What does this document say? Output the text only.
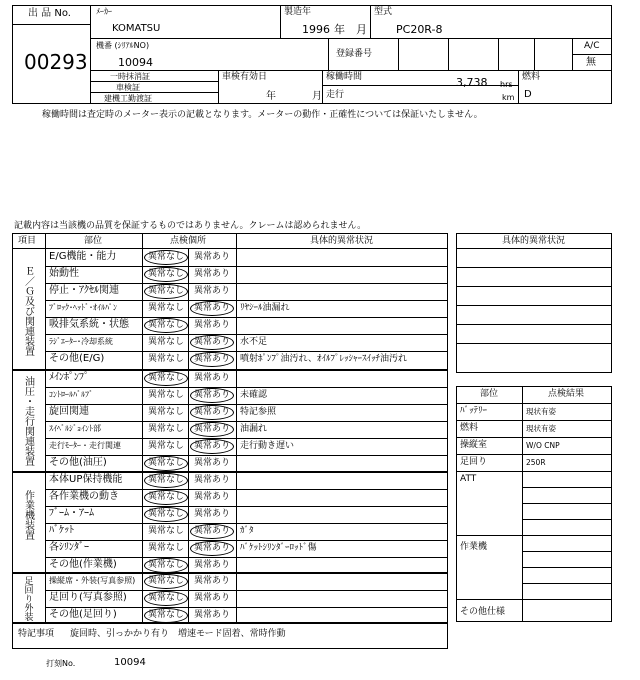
出 品 No.
00293
ﾒｰｶｰ
KOMATSU
製造年
1996 年 月
型式
PC20R-8
機番 (ｼﾘｱﾙNO)
10094
登録番号
A/C
無
一時抹消証
車検証
建機工勤渡証
車検有効日
年	月
稼働時間
走行
3,738 hrs
km
燃料
D
稼働時間は査定時のメーター表示の記載となります。メーターの動作・正確性については保証いたしません。
記載内容は当該機の品質を保証するものではありません。クレームは認められません。
項目	部位	点検個所	具体的異常状況
Ｅ／Ｇ及び関連装置
油圧・走行関連装置
作業機装置
足回り外装
E/G機能・能力	異常なし 異常あり
始動性	異常なし 異常あり
停止・ｱｸｾﾙ関連	異常なし 異常あり
ﾌﾞﾛｯｸ･ﾍｯﾄﾞ･ｵｲﾙﾊﾟﾝ	異常なし 異常あり ﾘﾔｼｰﾙ油漏れ
吸排気系統・状態 異常なし 異常あり
ﾗｼﾞｴｰﾀｰ･冷却系統	異常なし 異常あり 水不足
その他(E/G)	異常なし 異常あり 噴射ﾎﾟﾝﾌﾟ油汚れ、ｵｲﾙﾌﾟﾚｯｼｬｰｽｲｯﾁ油汚れ
ﾒｲﾝﾎﾟﾝﾌﾟ	異常なし 異常あり
ｺﾝﾄﾛｰﾙﾊﾞﾙﾌﾞ	異常なし 異常あり 未確認
旋回関連	異常なし 異常あり 特記参照
ｽｲﾍﾞﾙｼﾞｮｲﾝﾄ部	異常なし 異常あり 油漏れ
走行ﾓｰﾀｰ・走行関連	異常なし 異常あり 走行動き遅い
その他(油圧)	異常なし 異常あり
本体UP保持機能	異常なし 異常あり
各作業機の動き	異常なし 異常あり
ﾌﾞｰﾑ・ｱｰﾑ	異常なし 異常あり
ﾊﾞｹｯﾄ	異常なし 異常あり ｶﾞﾀ
各ｼﾘﾝﾀﾞｰ	異常なし 異常あり ﾊﾞｹｯﾄｼﾘﾝﾀﾞｰﾛｯﾄﾞ傷
その他(作業機)	異常なし 異常あり
操縦席・外装(写真参照) 異常なし 異常あり
足回り(写真参照) 異常なし 異常あり
その他(足回り)	異常なし 異常あり
具体的異常状況
部位	点検結果
ﾊﾞｯﾃﾘｰ	現状有姿
燃料	現状有姿
操縦室	W/O CNP
足回り	250R
ATT
作業機
その他仕様
特記事項 旋回時、引っかかり有り　増速モード固着、常時作動
打刻No.	10094
